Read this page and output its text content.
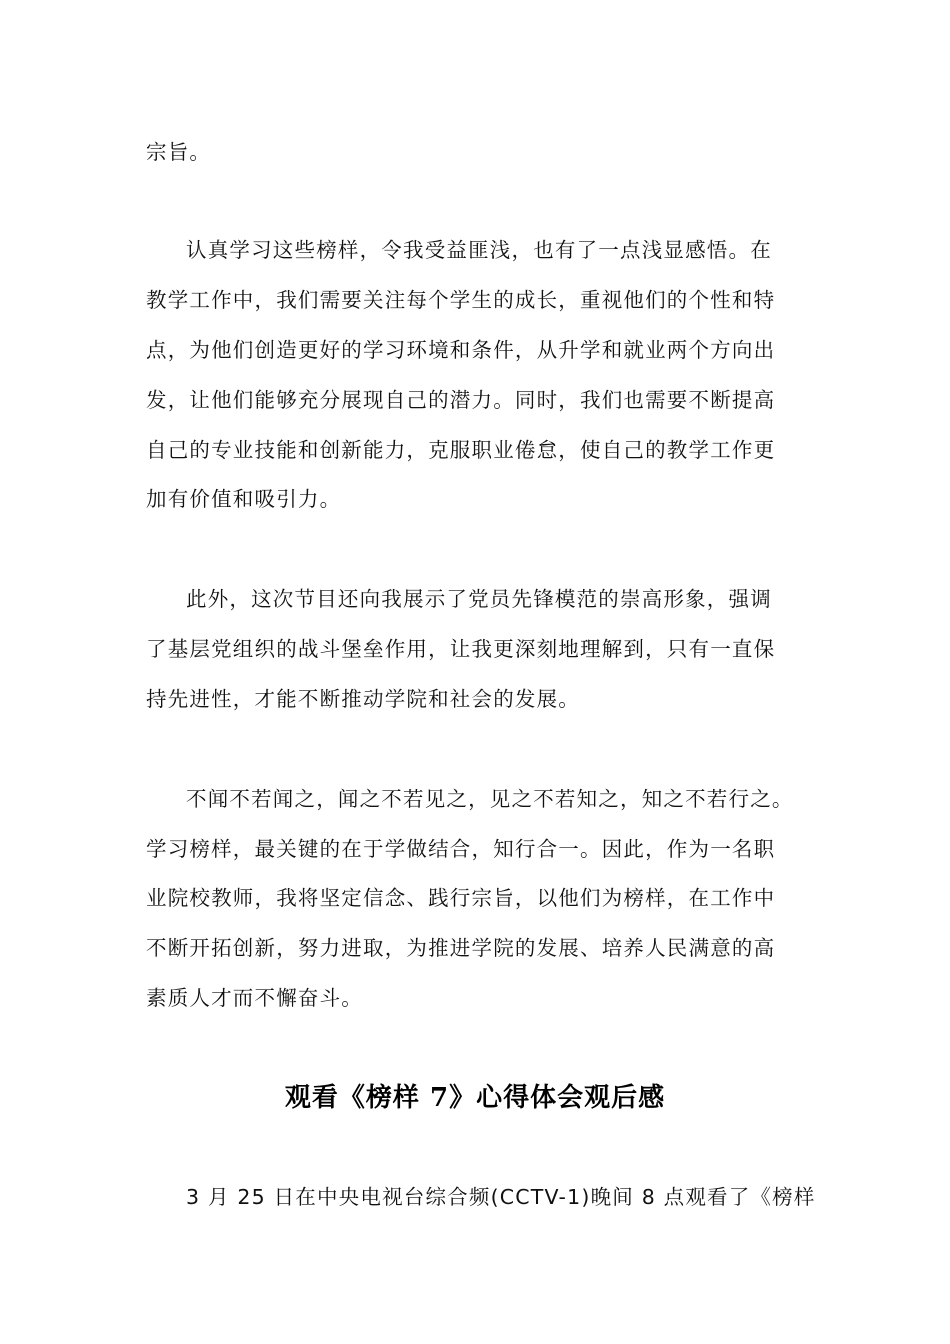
宗旨。
认真学习这些榜样，令我受益匪浅，也有了一点浅显感悟。在
教学工作中，我们需要关注每个学生的成长，重视他们的个性和特
点，为他们创造更好的学习环境和条件，从升学和就业两个方向出
发，让他们能够充分展现自己的潜力。同时，我们也需要不断提高
自己的专业技能和创新能力，克服职业倦怠，使自己的教学工作更
加有价值和吸引力。
此外，这次节目还向我展示了党员先锋模范的崇高形象，强调
了基层党组织的战斗堡垒作用，让我更深刻地理解到，只有一直保
持先进性，才能不断推动学院和社会的发展。
不闻不若闻之，闻之不若见之，见之不若知之，知之不若行之。
学习榜样，最关键的在于学做结合，知行合一。因此，作为一名职
业院校教师，我将坚定信念、践行宗旨，以他们为榜样，在工作中
不断开拓创新，努力进取，为推进学院的发展、培养人民满意的高
素质人才而不懈奋斗。
观看《榜样 7》心得体会观后感
3 月 25 日在中央电视台综合频(CCTV-1)晚间 8 点观看了《榜样
